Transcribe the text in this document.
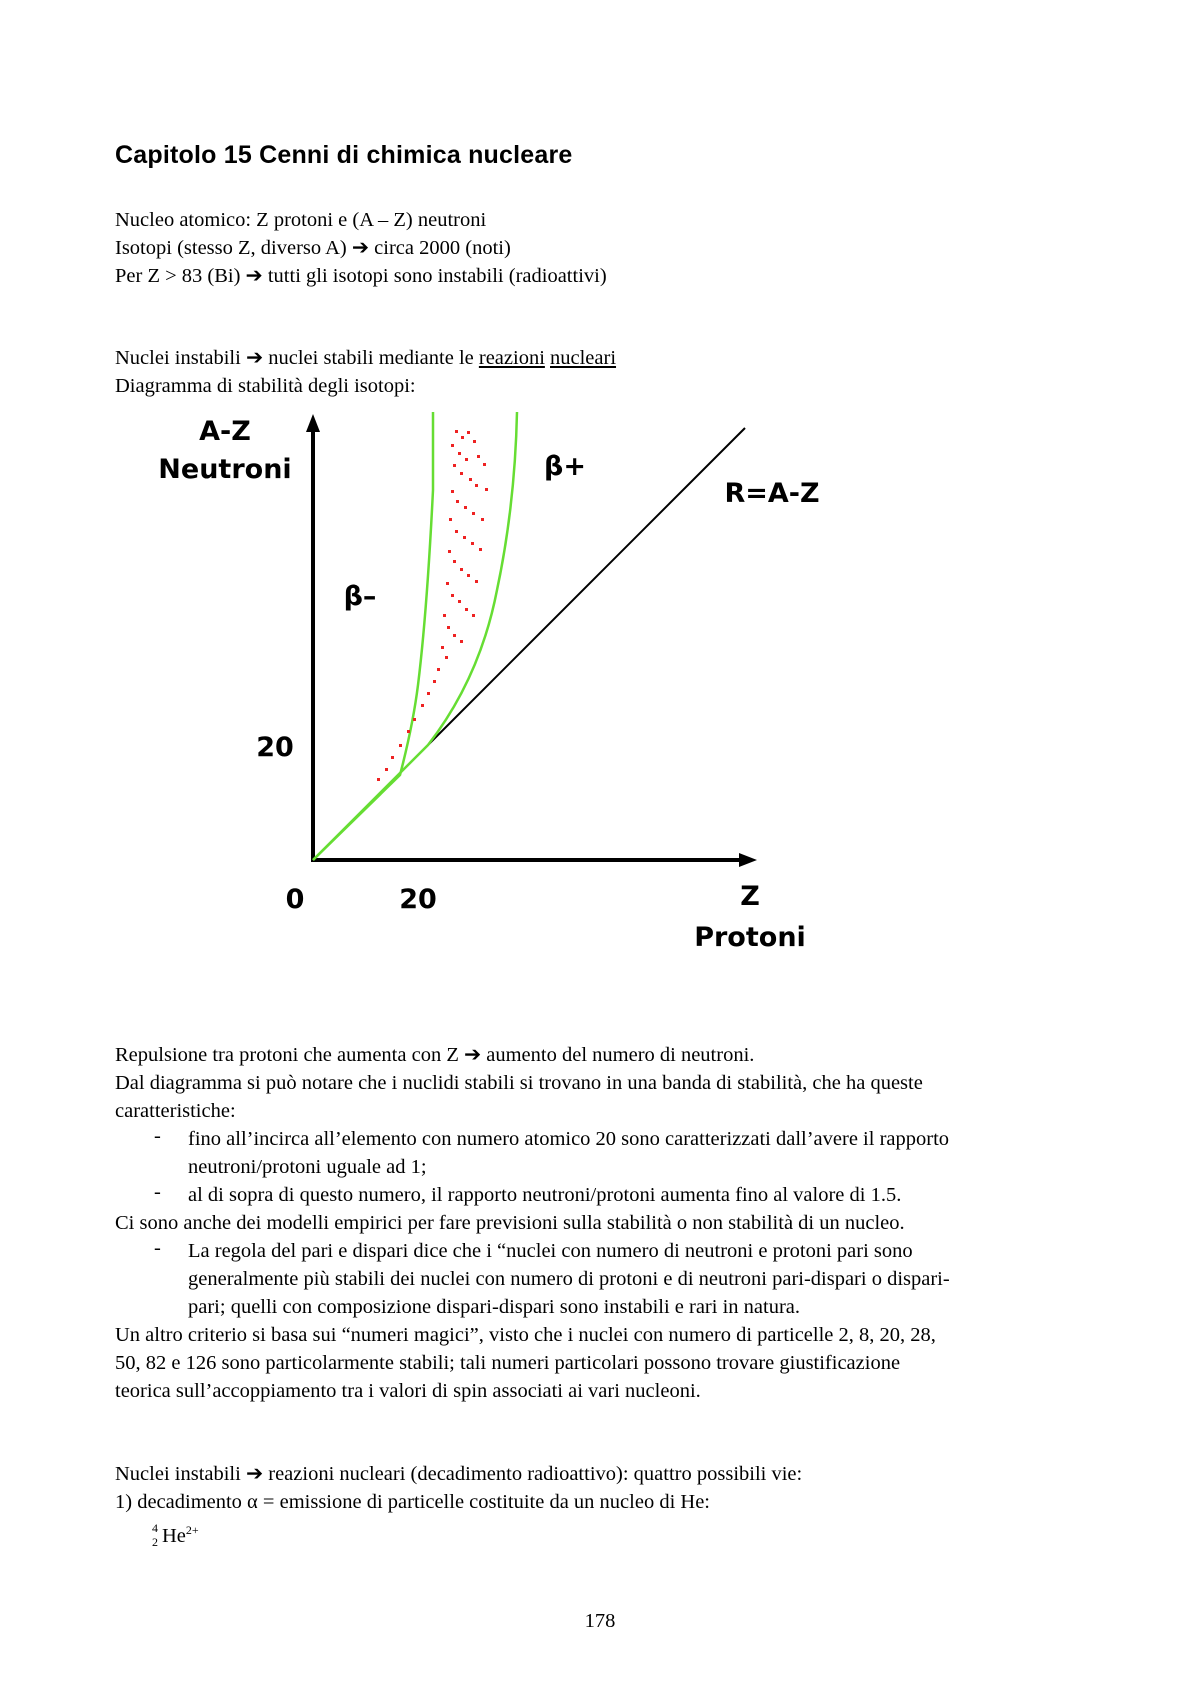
Capitolo 15 Cenni di chimica nucleare
Nucleo atomico: Z protoni e (A – Z) neutroni
Isotopi (stesso Z, diverso A) ➔ circa 2000 (noti)
Per Z > 83 (Bi) ➔ tutti gli isotopi sono instabili (radioattivi)
Nuclei instabili ➔ nuclei stabili mediante le reazioni nucleari
Diagramma di stabilità degli isotopi:
A-Z
Neutroni
β–
β+
R=A-Z
20
0	20	Z
Protoni
Repulsione tra protoni che aumenta con Z ➔ aumento del numero di neutroni.
Dal diagramma si può notare che i nuclidi stabili si trovano in una banda di stabilità, che ha queste
caratteristiche:
- fino all’incirca all’elemento con numero atomico 20 sono caratterizzati dall’avere il rapporto
neutroni/protoni uguale ad 1;
- al di sopra di questo numero, il rapporto neutroni/protoni aumenta fino al valore di 1.5.
Ci sono anche dei modelli empirici per fare previsioni sulla stabilità o non stabilità di un nucleo.
- La regola del pari e dispari dice che i “nuclei con numero di neutroni e protoni pari sono
generalmente più stabili dei nuclei con numero di protoni e di neutroni pari-dispari o dispari-
pari; quelli con composizione dispari-dispari sono instabili e rari in natura.
Un altro criterio si basa sui “numeri magici”, visto che i nuclei con numero di particelle 2, 8, 20, 28,
50, 82 e 126 sono particolarmente stabili; tali numeri particolari possono trovare giustificazione
teorica sull’accoppiamento tra i valori di spin associati ai vari nucleoni.
Nuclei instabili ➔ reazioni nucleari (decadimento radioattivo): quattro possibili vie:
1) decadimento α = emissione di particelle costituite da un nucleo di He:
4
2 $He^{2+}$
178
